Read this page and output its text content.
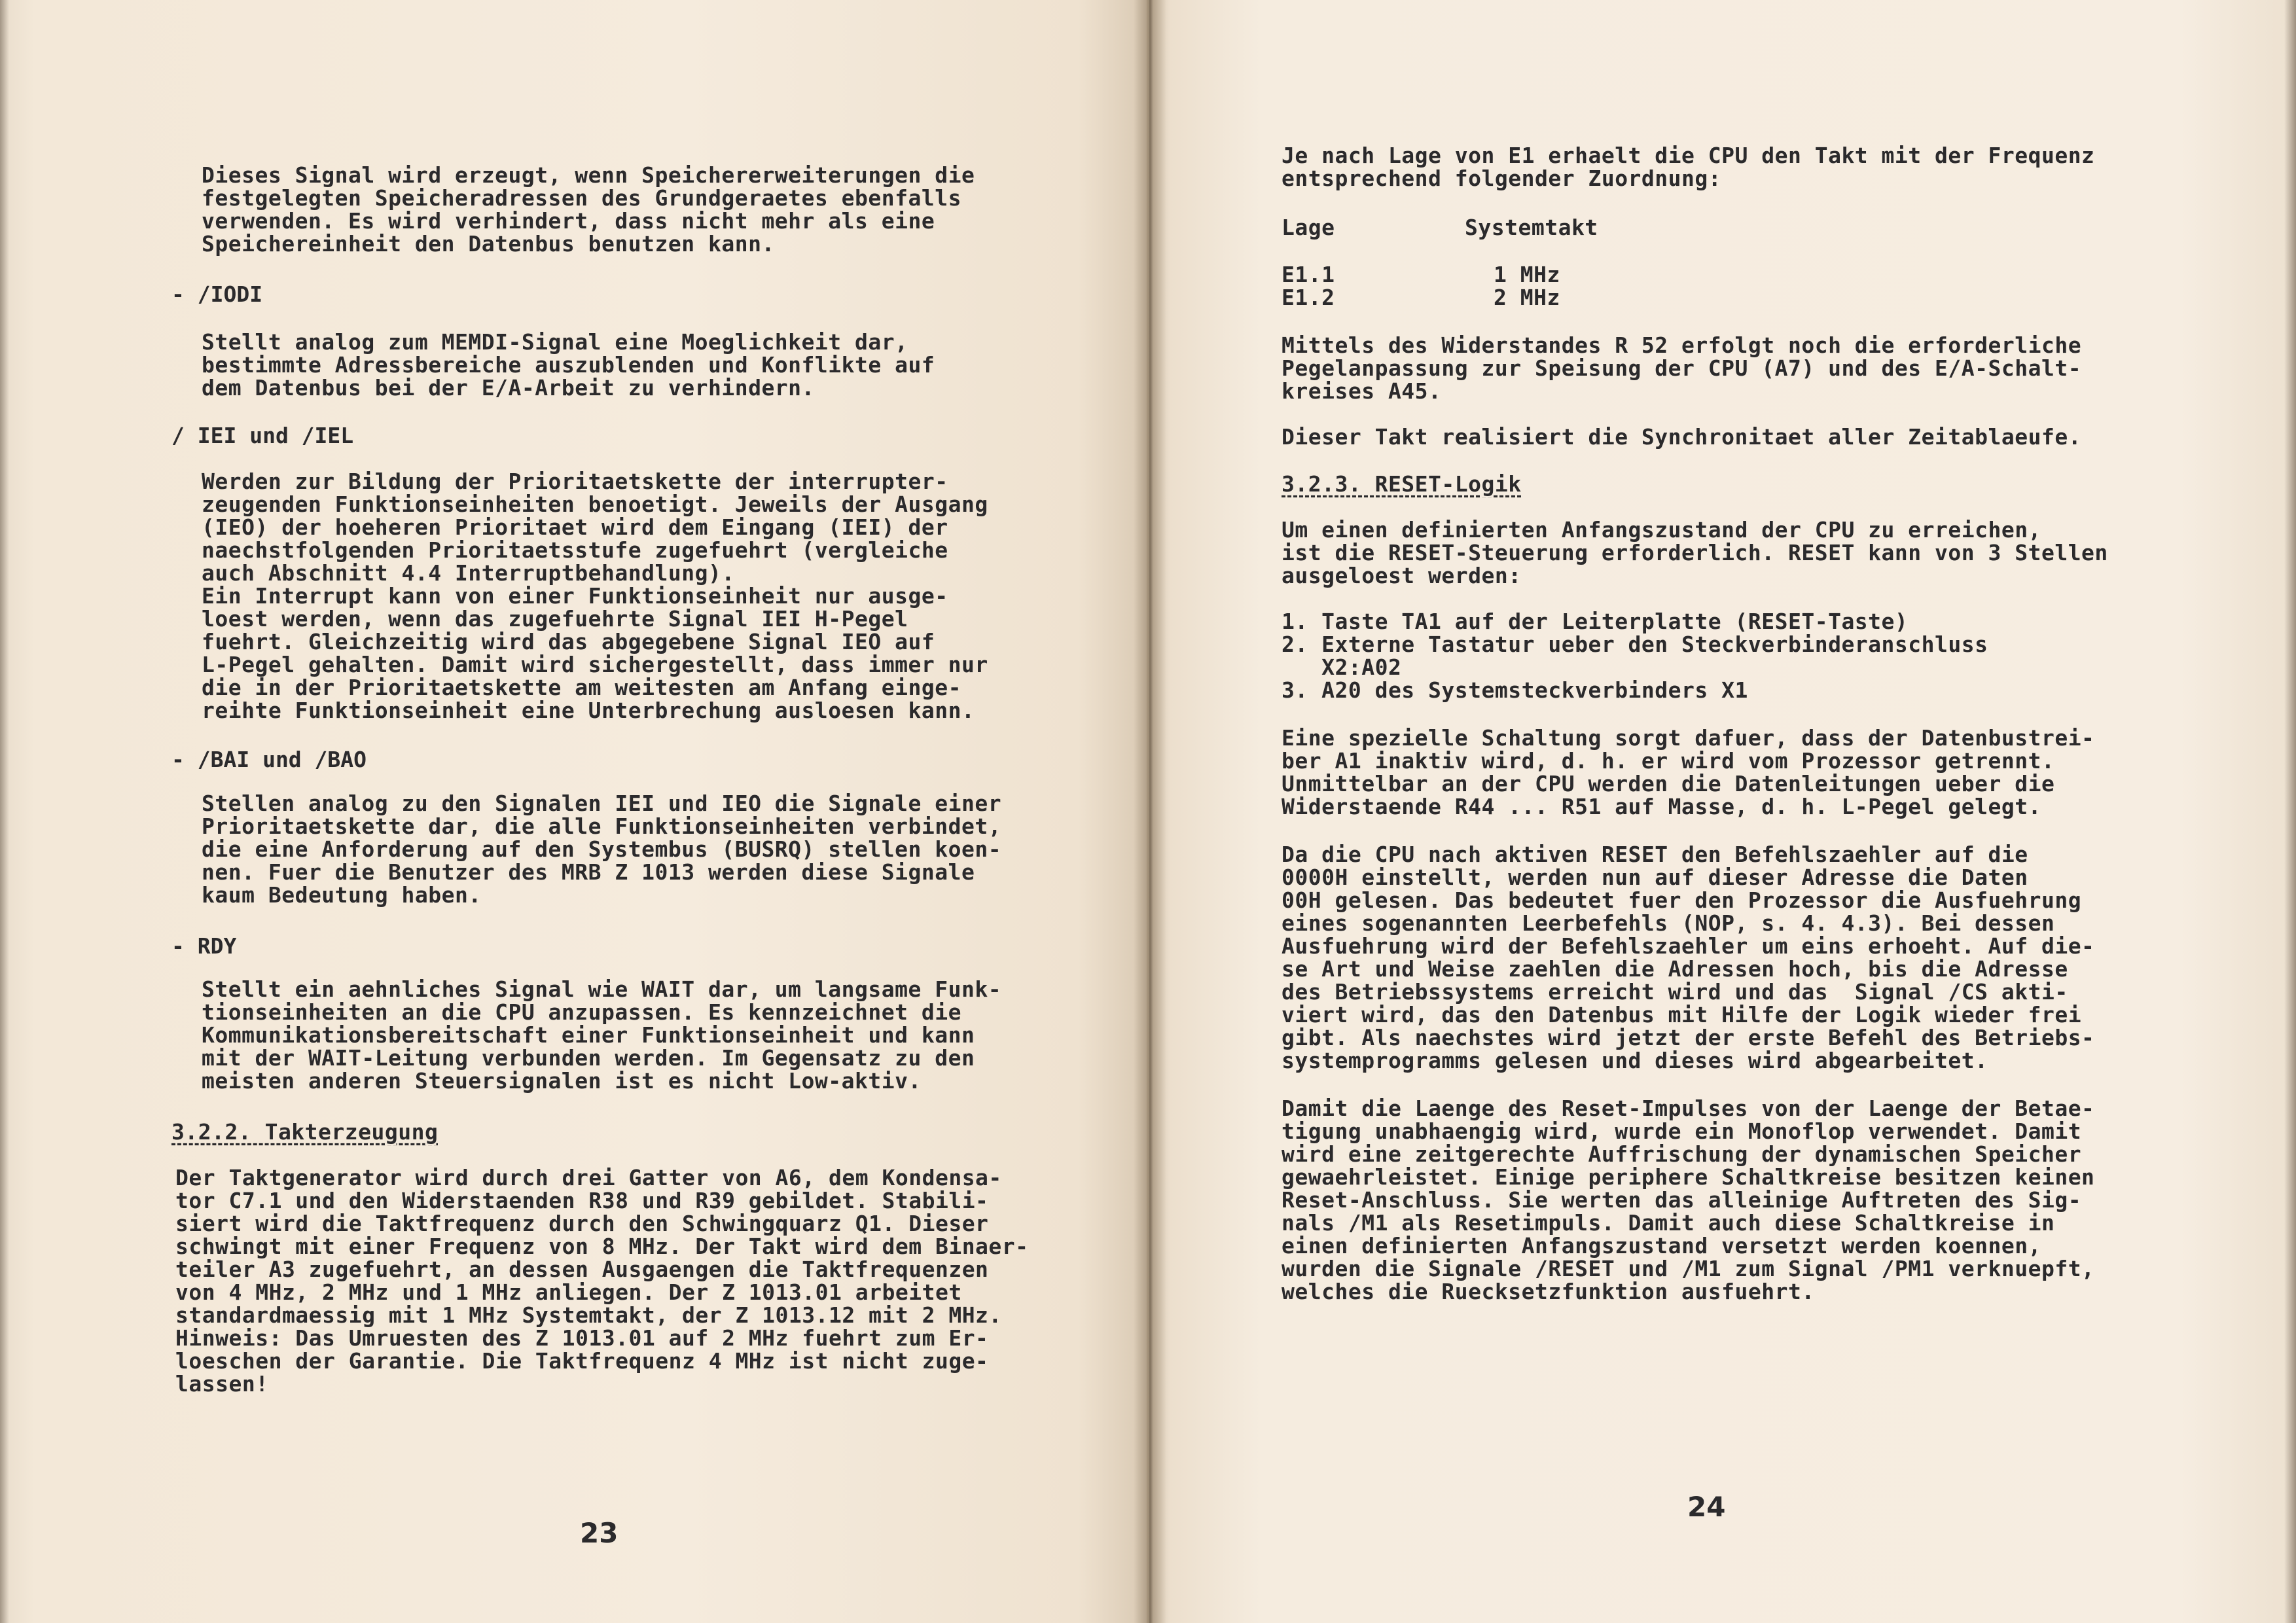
Dieses Signal wird erzeugt, wenn Speichererweiterungen die
festgelegten Speicheradressen des Grundgeraetes ebenfalls
verwenden. Es wird verhindert, dass nicht mehr als eine
Speichereinheit den Datenbus benutzen kann.
- /IODI
Stellt analog zum MEMDI-Signal eine Moeglichkeit dar,
bestimmte Adressbereiche auszublenden und Konflikte auf
dem Datenbus bei der E/A-Arbeit zu verhindern.
/ IEI und /IEL
Werden zur Bildung der Prioritaetskette der interrupter-
zeugenden Funktionseinheiten benoetigt. Jeweils der Ausgang
(IEO) der hoeheren Prioritaet wird dem Eingang (IEI) der
naechstfolgenden Prioritaetsstufe zugefuehrt (vergleiche
auch Abschnitt 4.4 Interruptbehandlung).
Ein Interrupt kann von einer Funktionseinheit nur ausge-
loest werden, wenn das zugefuehrte Signal IEI H-Pegel
fuehrt. Gleichzeitig wird das abgegebene Signal IEO auf
L-Pegel gehalten. Damit wird sichergestellt, dass immer nur
die in der Prioritaetskette am weitesten am Anfang einge-
reihte Funktionseinheit eine Unterbrechung ausloesen kann.
- /BAI und /BAO
Stellen analog zu den Signalen IEI und IEO die Signale einer
Prioritaetskette dar, die alle Funktionseinheiten verbindet,
die eine Anforderung auf den Systembus (BUSRQ) stellen koen-
nen. Fuer die Benutzer des MRB Z 1013 werden diese Signale
kaum Bedeutung haben.
- RDY
Stellt ein aehnliches Signal wie WAIT dar, um langsame Funk-
tionseinheiten an die CPU anzupassen. Es kennzeichnet die
Kommunikationsbereitschaft einer Funktionseinheit und kann
mit der WAIT-Leitung verbunden werden. Im Gegensatz zu den
meisten anderen Steuersignalen ist es nicht Low-aktiv.
3.2.2. Takterzeugung
Der Taktgenerator wird durch drei Gatter von A6, dem Kondensa-
tor C7.1 und den Widerstaenden R38 und R39 gebildet. Stabili-
siert wird die Taktfrequenz durch den Schwingquarz Q1. Dieser
schwingt mit einer Frequenz von 8 MHz. Der Takt wird dem Binaer-
teiler A3 zugefuehrt, an dessen Ausgaengen die Taktfrequenzen
von 4 MHz, 2 MHz und 1 MHz anliegen. Der Z 1013.01 arbeitet
standardmaessig mit 1 MHz Systemtakt, der Z 1013.12 mit 2 MHz.
Hinweis: Das Umruesten des Z 1013.01 auf 2 MHz fuehrt zum Er-
loeschen der Garantie. Die Taktfrequenz 4 MHz ist nicht zuge-
lassen!
23
Je nach Lage von E1 erhaelt die CPU den Takt mit der Frequenz
entsprechend folgender Zuordnung:
Lage	Systemtakt
E1.1	1 MHz
E1.2	2 MHz
Mittels des Widerstandes R 52 erfolgt noch die erforderliche
Pegelanpassung zur Speisung der CPU (A7) und des E/A-Schalt-
kreises A45.
Dieser Takt realisiert die Synchronitaet aller Zeitablaeufe.
3.2.3. RESET-Logik
Um einen definierten Anfangszustand der CPU zu erreichen,
ist die RESET-Steuerung erforderlich. RESET kann von 3 Stellen
ausgeloest werden:
1. Taste TA1 auf der Leiterplatte (RESET-Taste)
2. Externe Tastatur ueber den Steckverbinderanschluss
X2:A02
3. A20 des Systemsteckverbinders X1
Eine spezielle Schaltung sorgt dafuer, dass der Datenbustrei-
ber A1 inaktiv wird, d. h. er wird vom Prozessor getrennt.
Unmittelbar an der CPU werden die Datenleitungen ueber die
Widerstaende R44 ... R51 auf Masse, d. h. L-Pegel gelegt.
Da die CPU nach aktiven RESET den Befehlszaehler auf die
0000H einstellt, werden nun auf dieser Adresse die Daten
00H gelesen. Das bedeutet fuer den Prozessor die Ausfuehrung
eines sogenannten Leerbefehls (NOP, s. 4. 4.3). Bei dessen
Ausfuehrung wird der Befehlszaehler um eins erhoeht. Auf die-
se Art und Weise zaehlen die Adressen hoch, bis die Adresse
des Betriebssystems erreicht wird und das  Signal /CS akti-
viert wird, das den Datenbus mit Hilfe der Logik wieder frei
gibt. Als naechstes wird jetzt der erste Befehl des Betriebs-
systemprogramms gelesen und dieses wird abgearbeitet.
Damit die Laenge des Reset-Impulses von der Laenge der Betae-
tigung unabhaengig wird, wurde ein Monoflop verwendet. Damit
wird eine zeitgerechte Auffrischung der dynamischen Speicher
gewaehrleistet. Einige periphere Schaltkreise besitzen keinen
Reset-Anschluss. Sie werten das alleinige Auftreten des Sig-
nals /M1 als Resetimpuls. Damit auch diese Schaltkreise in
einen definierten Anfangszustand versetzt werden koennen,
wurden die Signale /RESET und /M1 zum Signal /PM1 verknuepft,
welches die Ruecksetzfunktion ausfuehrt.
24
